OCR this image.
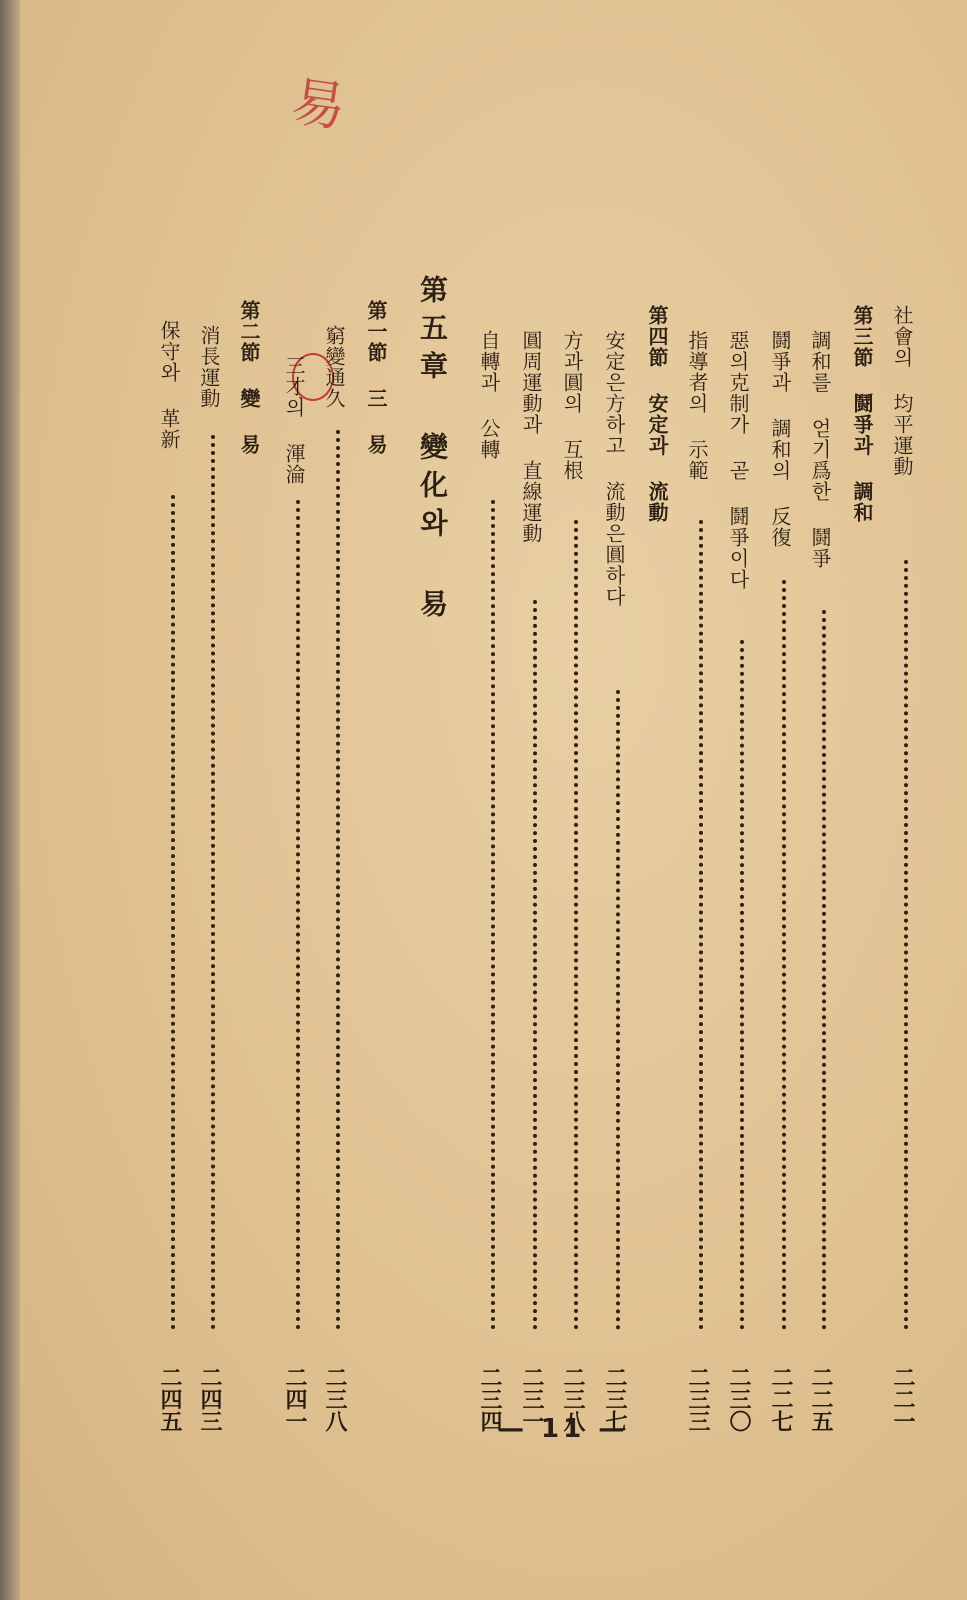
易
社會의 均平運動
二二一
第三節 鬪爭과 調和
調和를 얻기爲한 鬪爭
二二五
鬪爭과 調和의 反復
二二七
惡의克制가 곧 鬪爭이다
二三〇
指導者의 示範
二三三
第四節 安定과 流動
安定은方하고 流動은圓하다
二三七
方과圓의 互根
二三八
圓周運動과 直線運動
二三一
自轉과 公轉
二三四
第五章 變化와 易
第一節 三 易
窮變通久
二三八
三才의 渾淪
二四一
第二節 變 易
消長運動
二四三
保守와 革新
二四五	— 11 —
